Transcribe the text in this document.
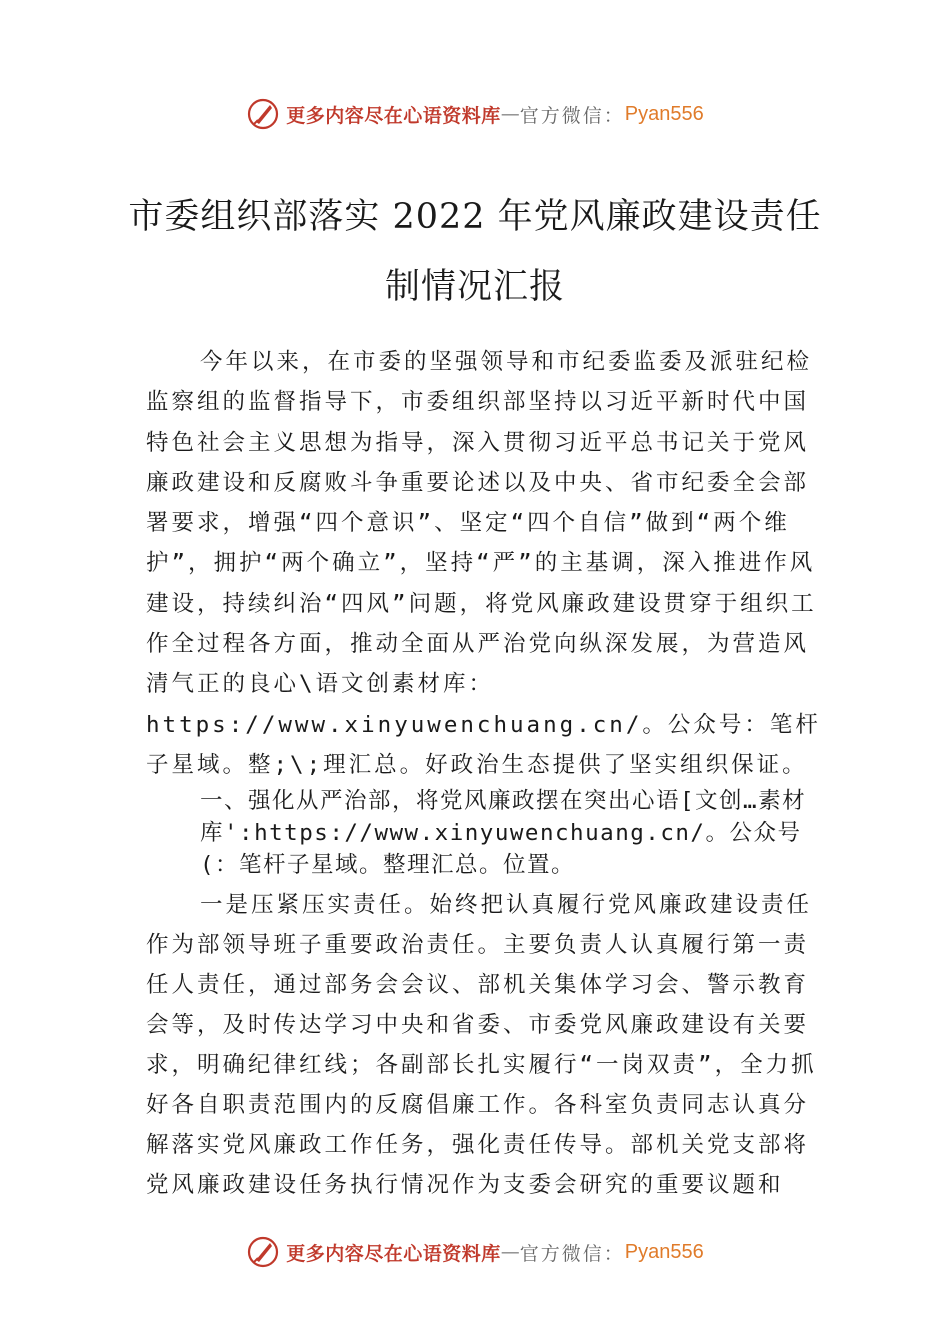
更多内容尽在心语资料库 — 官方微信： Pyan556
市委组织部落实 2022 年党风廉政建设责任
制情况汇报
今年以来，在市委的坚强领导和市纪委监委及派驻纪检监察组的监督指导下，市委组织部坚持以习近平新时代中国特色社会主义思想为指导，深入贯彻习近平总书记关于党风廉政建设和反腐败斗争重要论述以及中央、省市纪委全会部署要求，增强“四个意识”、坚定“四个自信”做到“两个维护”，拥护“两个确立”，坚持“严”的主基调，深入推进作风建设，持续纠治“四风”问题，将党风廉政建设贯穿于组织工作全过程各方面，推动全面从严治党向纵深发展，为营造风清气正的良心\语文创素材库：https://www.xinyuwenchuang.cn/。公众号：笔杆子星域。整;\;理汇总。好政治生态提供了坚实组织保证。
一、强化从严治部，将党风廉政摆在突出心语[文创…素材库':https://www.xinyuwenchuang.cn/。公众号(：笔杆子星域。整理汇总。位置。
一是压紧压实责任。始终把认真履行党风廉政建设责任作为部领导班子重要政治责任。主要负责人认真履行第一责任人责任，通过部务会会议、部机关集体学习会、警示教育会等，及时传达学习中央和省委、市委党风廉政建设有关要求，明确纪律红线；各副部长扎实履行“一岗双责”，全力抓好各自职责范围内的反腐倡廉工作。各科室负责同志认真分解落实党风廉政工作任务，强化责任传导。部机关党支部将党风廉政建设任务执行情况作为支委会研究的重要议题和
更多内容尽在心语资料库 — 官方微信： Pyan556
